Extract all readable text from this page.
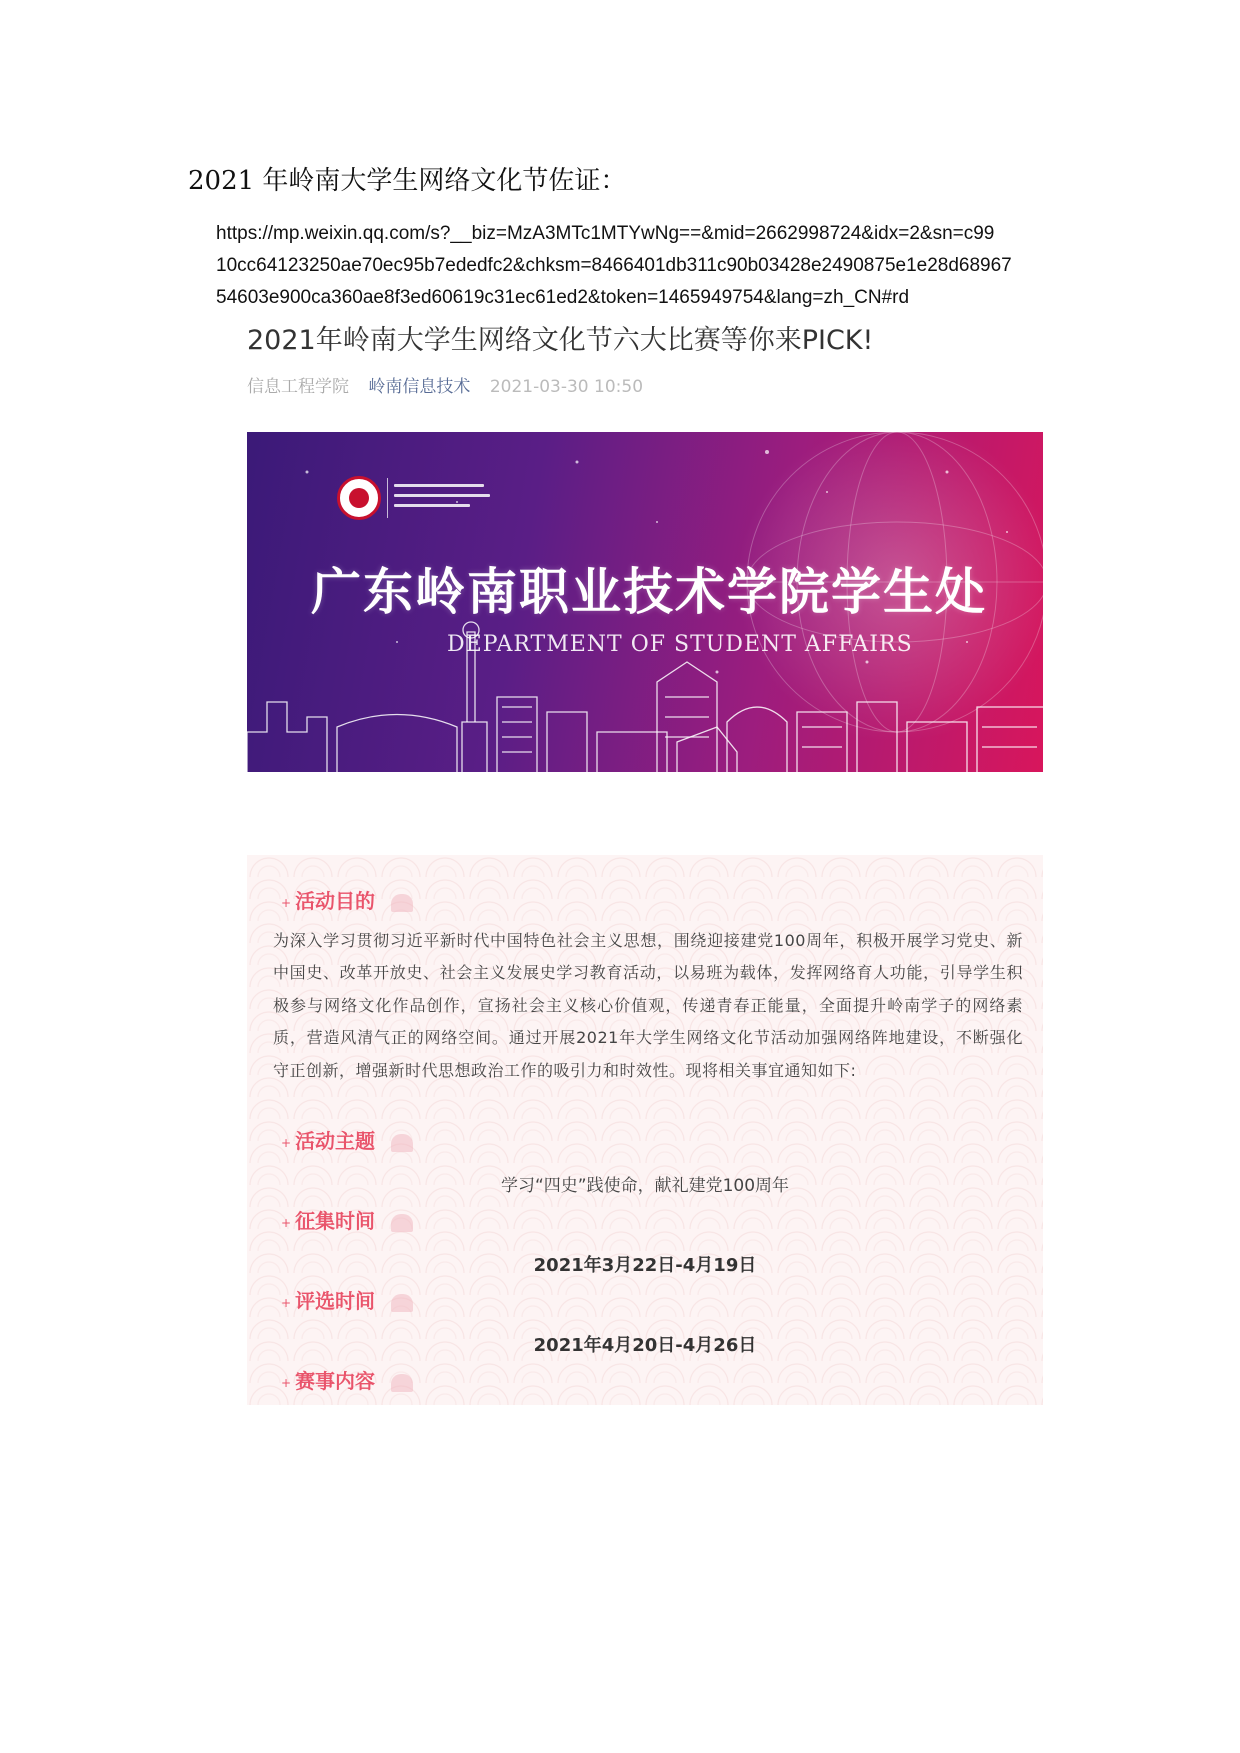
2021 年岭南大学生网络文化节佐证：
https://mp.weixin.qq.com/s?__biz=MzA3MTc1MTYwNg==&mid=2662998724&idx=2&sn=c99
10cc64123250ae70ec95b7ededfc2&chksm=8466401db311c90b03428e2490875e1e28d68967
54603e900ca360ae8f3ed60619c31ec61ed2&token=1465949754&lang=zh_CN#rd
2021年岭南大学生网络文化节六大比赛等你来PICK!
信息工程学院 岭南信息技术 2021-03-30 10:50
广东岭南职业技术学院学生处
DEPARTMENT OF STUDENT AFFAIRS
+ 活动目的
为深入学习贯彻习近平新时代中国特色社会主义思想，围绕迎接建党100周年，积极开展学习党史、新中国史、改革开放史、社会主义发展史学习教育活动，以易班为载体，发挥网络育人功能，引导学生积极参与网络文化作品创作，宣扬社会主义核心价值观，传递青春正能量，全面提升岭南学子的网络素质，营造风清气正的网络空间。通过开展2021年大学生网络文化节活动加强网络阵地建设，不断强化守正创新，增强新时代思想政治工作的吸引力和时效性。现将相关事宜通知如下:
+ 活动主题
学习“四史”践使命，献礼建党100周年
+ 征集时间
2021年3月22日-4月19日
+ 评选时间
2021年4月20日-4月26日
+ 赛事内容
